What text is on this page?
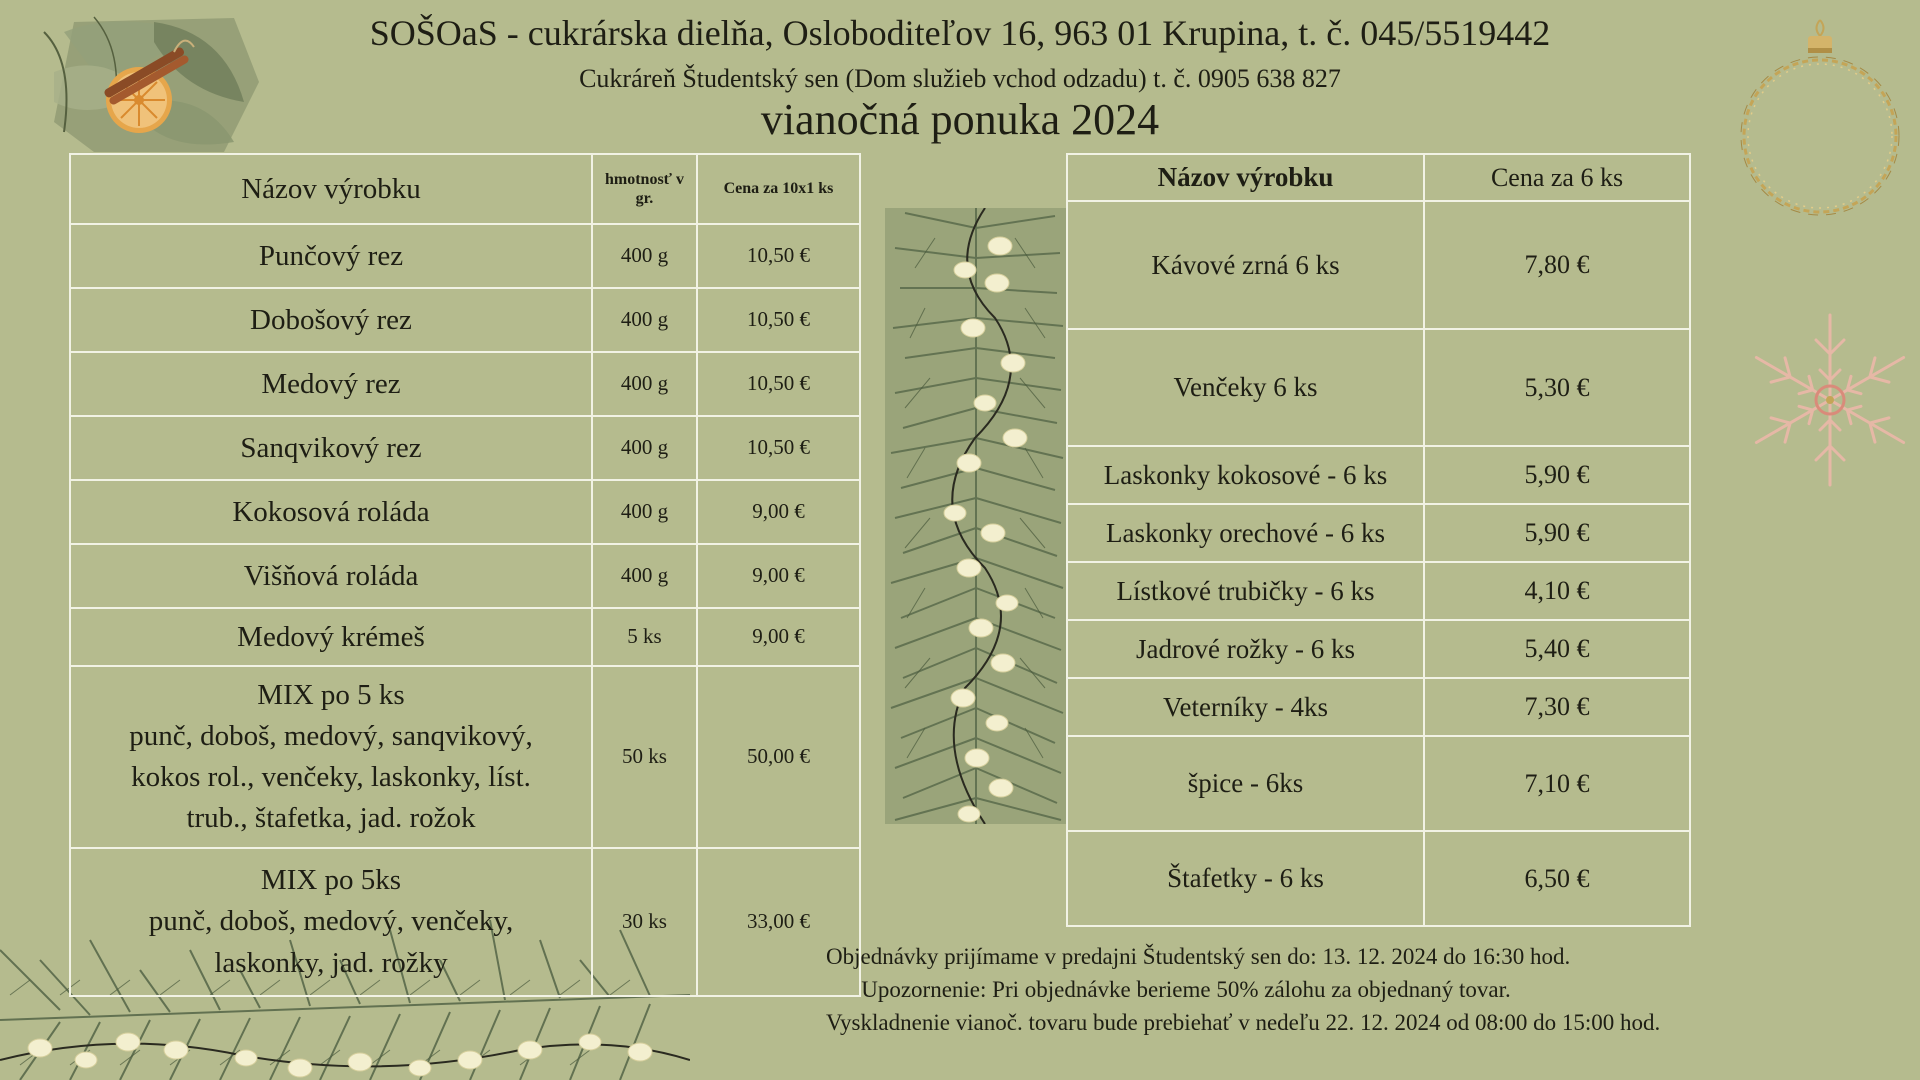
SOŠOaS - cukrárska dielňa, Osloboditeľov 16, 963 01 Krupina, t. č. 045/5519442
Cukráreň Študentský sen (Dom služieb vchod odzadu) t. č. 0905 638 827
vianočná ponuka 2024
Názov výrobku	hmotnosť v gr.	Cena za 10x1 ks
Punčový rez	400 g	10,50 €
Dobošový rez	400 g	10,50 €
Medový rez	400 g	10,50 €
Sanqvikový rez	400 g	10,50 €
Kokosová roláda	400 g	9,00 €
Višňová roláda	400 g	9,00 €
Medový krémeš	5 ks	9,00 €

MIX po 5 ks
punč, doboš, medový, sanqvikový,
kokos rol., venčeky, laskonky, líst.
trub., štafetka, jad. rožok	50 ks	50,00 €

MIX po 5ks
punč, doboš, medový, venčeky,
laskonky, jad. rožky	30 ks	33,00 €
Názov výrobku	Cena za 6 ks
Kávové zrná 6 ks	7,80 €
Venčeky 6 ks	5,30 €
Laskonky kokosové - 6 ks	5,90 €
Laskonky orechové - 6 ks	5,90 €
Lístkové trubičky - 6 ks	4,10 €
Jadrové rožky - 6 ks	5,40 €
Veterníky - 4ks	7,30 €
špice - 6ks	7,10 €
Štafetky - 6 ks	6,50 €
Objednávky prijímame v predajni Študentský sen do: 13. 12. 2024 do 16:30 hod.
Upozornenie: Pri objednávke berieme 50% zálohu za objednaný tovar.
Vyskladnenie vianoč. tovaru bude prebiehať v nedeľu 22. 12. 2024 od 08:00 do 15:00 hod.
